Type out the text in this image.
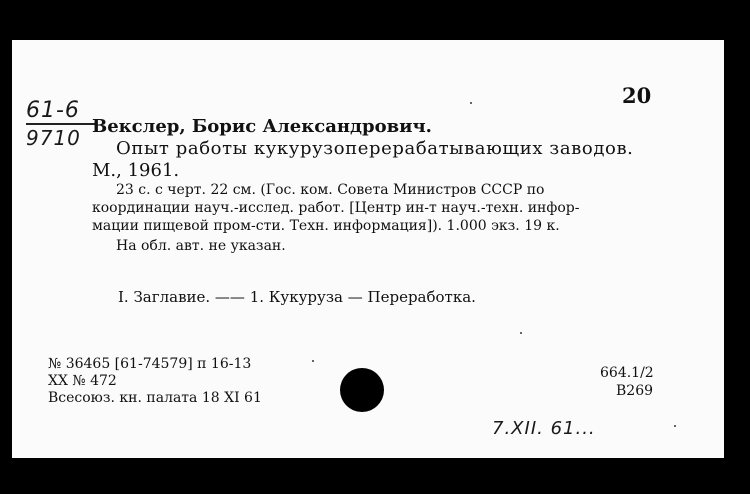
61-6
9710
20
Векслер, Борис Александрович.
Опыт работы кукурузоперерабатывающих заводов.
М., 1961.
23 с. с черт. 22 см. (Гос. ком. Совета Министров СССР по
координации науч.-исслед. работ. [Центр ин-т науч.-техн. инфор-
мации пищевой пром-сти. Техн. информация]). 1.000 экз. 19 к.
На обл. авт. не указан.
I. Заглавие. —— 1. Кукуруза — Переработка.
№ 36465 [61-74579] п 16-13
XX № 472
Всесоюз. кн. палата 18 XI 61
664.1/2
В269
7.XII. 61...
